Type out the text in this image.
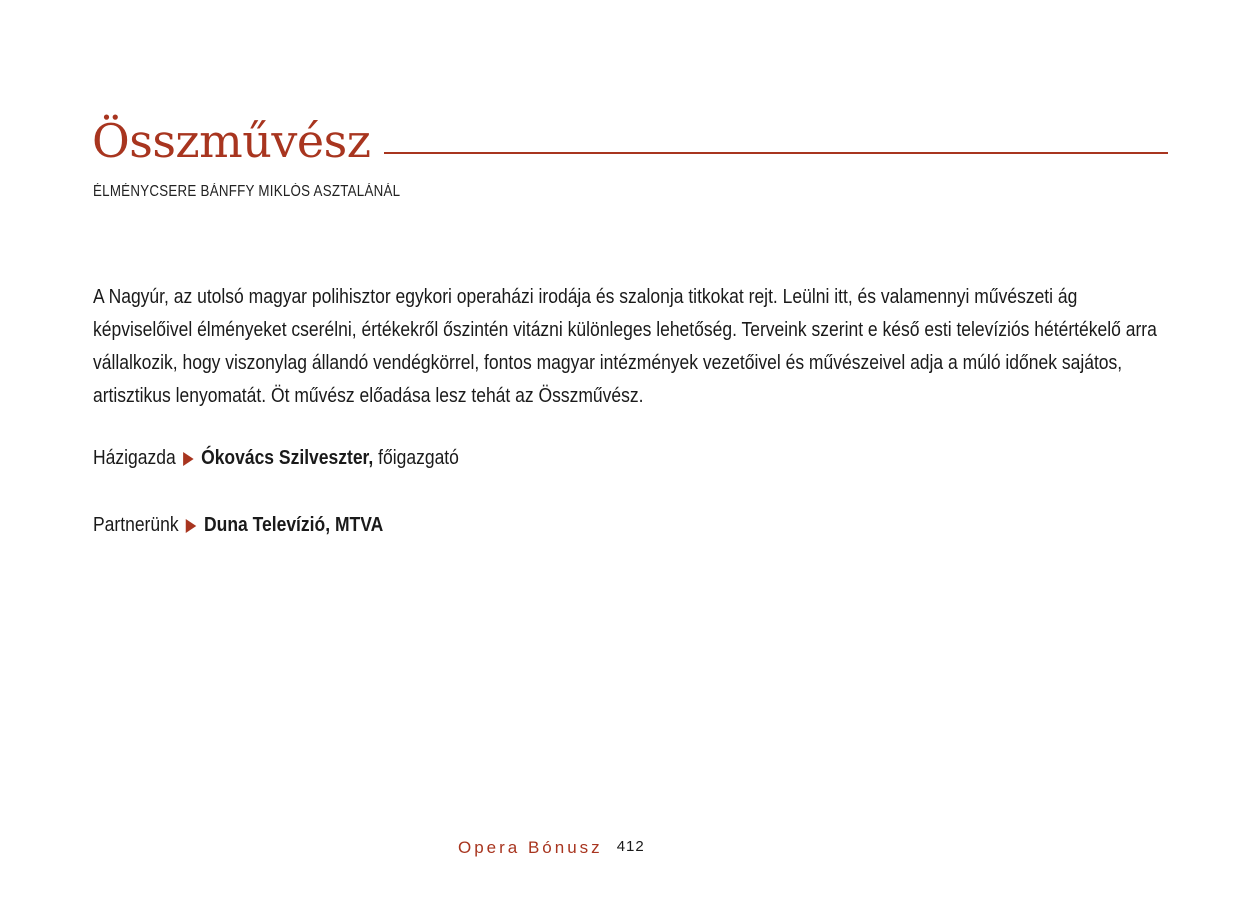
Összművész
ÉLMÉNYCSERE BÁNFFY MIKLÓS ASZTALÁNÁL

A Nagyúr, az utolsó magyar polihisztor egykori operaházi irodája és szalonja titkokat rejt. Leülni itt, és valamennyi művészeti ág képviselőivel élményeket cserélni, értékekről őszintén vitázni különleges lehetőség. Terveink szerint e késő esti televíziós hétértékelő arra vállalkozik, hogy viszonylag állandó vendégkörrel, fontos magyar intézmények vezetőivel és művészeivel adja a múló időnek sajátos, artisztikus lenyomatát. Öt művész előadása lesz tehát az Összművész.

Házigazda Ókovács Szilveszter, főigazgató
Partnerünk Duna Televízió, MTVA
Opera Bónusz 412
